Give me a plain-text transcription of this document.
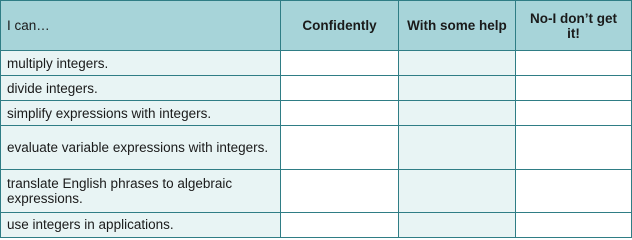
I can…	Confidently	With some help	No-I don’t get it!
multiply integers.			
divide integers.			
simplify expressions with integers.			
evaluate variable expressions with integers.			
translate English phrases to algebraic expressions.			
use integers in applications.			
